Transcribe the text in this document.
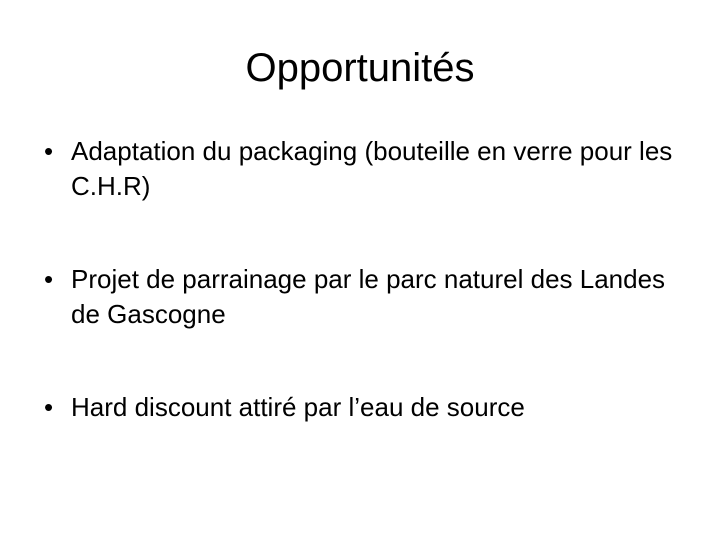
Opportunités
• Adaptation du packaging (bouteille en verre pour les C.H.R)
• Projet de parrainage par le parc naturel des Landes de Gascogne
• Hard discount attiré par l’eau de source
